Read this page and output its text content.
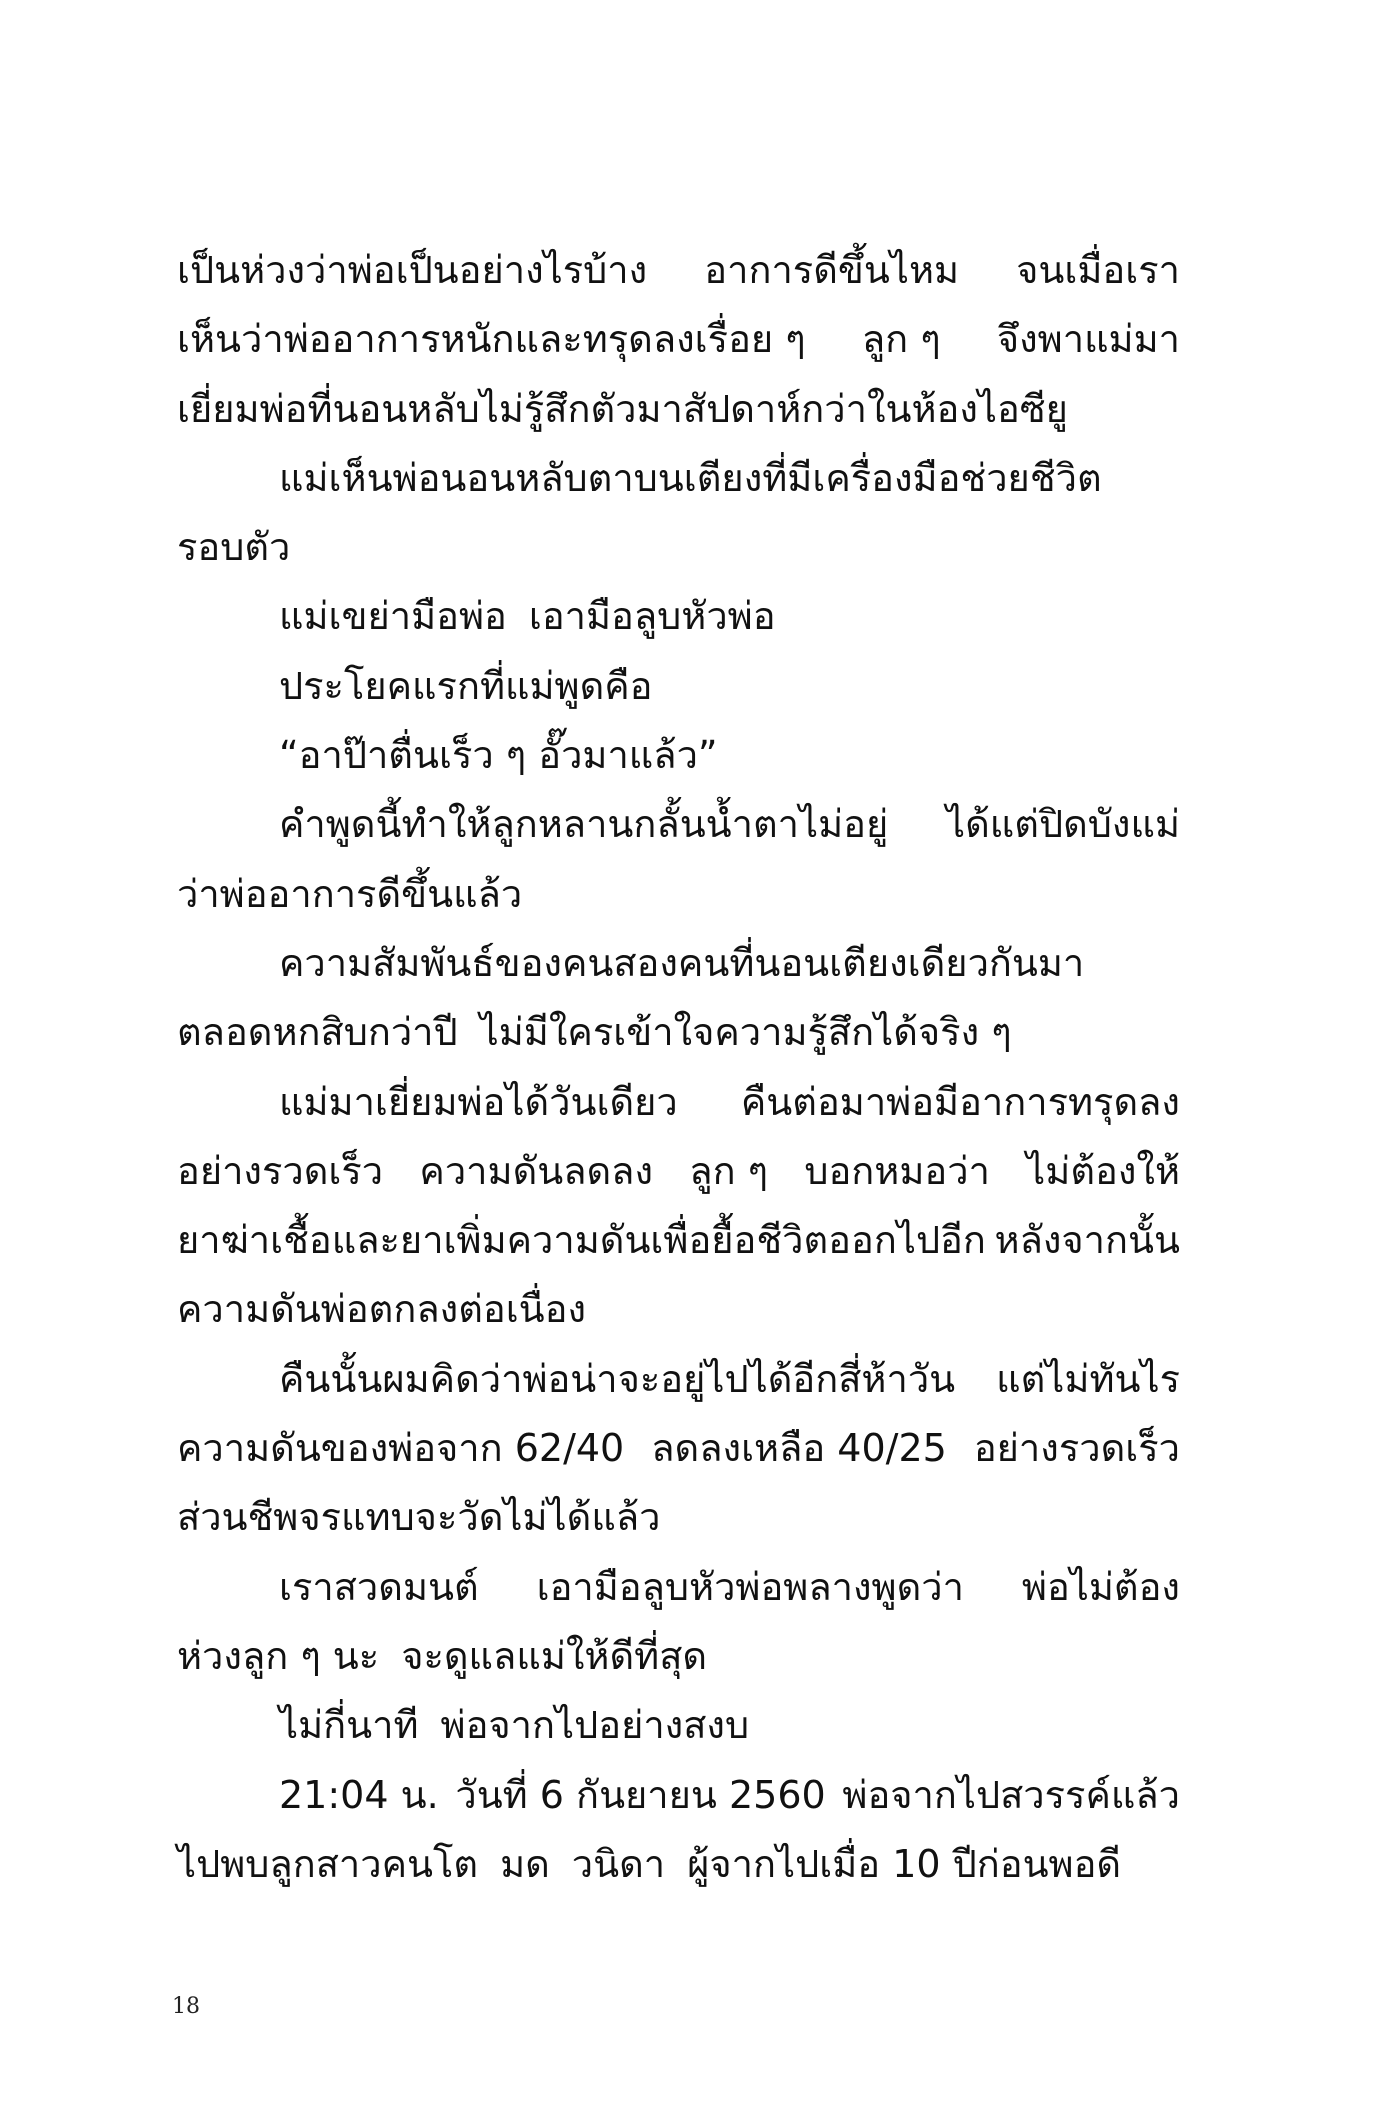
เป็นห่วงว่าพ่อเป็นอย่างไรบ้าง อาการดีขึ้นไหม จนเมื่อเรา
เห็นว่าพ่ออาการหนักและทรุดลงเรื่อย ๆ ลูก ๆ จึงพาแม่มา
เยี่ยมพ่อที่นอนหลับไม่รู้สึกตัวมาสัปดาห์กว่าในห้องไอซียู
แม่เห็นพ่อนอนหลับตาบนเตียงที่มีเครื่องมือช่วยชีวิต
รอบตัว
แม่เขย่ามือพ่อ เอามือลูบหัวพ่อ
ประโยคแรกที่แม่พูดคือ
“อาป๊าตื่นเร็ว ๆ อั๊วมาแล้ว”
คำพูดนี้ทำให้ลูกหลานกลั้นน้ำตาไม่อยู่ ได้แต่ปิดบังแม่
ว่าพ่ออาการดีขึ้นแล้ว
ความสัมพันธ์ของคนสองคนที่นอนเตียงเดียวกันมา
ตลอดหกสิบกว่าปี ไม่มีใครเข้าใจความรู้สึกได้จริง ๆ
แม่มาเยี่ยมพ่อได้วันเดียว คืนต่อมาพ่อมีอาการทรุดลง
อย่างรวดเร็ว ความดันลดลง ลูก ๆ บอกหมอว่า ไม่ต้องให้
ยาฆ่าเชื้อและยาเพิ่มความดันเพื่อยื้อชีวิตออกไปอีก หลังจากนั้น
ความดันพ่อตกลงต่อเนื่อง
คืนนั้นผมคิดว่าพ่อน่าจะอยู่ไปได้อีกสี่ห้าวัน แต่ไม่ทันไร
ความดันของพ่อจาก 62/40 ลดลงเหลือ 40/25 อย่างรวดเร็ว
ส่วนชีพจรแทบจะวัดไม่ได้แล้ว
เราสวดมนต์ เอามือลูบหัวพ่อพลางพูดว่า พ่อไม่ต้อง
ห่วงลูก ๆ นะ จะดูแลแม่ให้ดีที่สุด
ไม่กี่นาที พ่อจากไปอย่างสงบ
21:04 น. วันที่ 6 กันยายน 2560 พ่อจากไปสวรรค์แล้ว
ไปพบลูกสาวคนโต มด วนิดา ผู้จากไปเมื่อ 10 ปีก่อนพอดี
18
